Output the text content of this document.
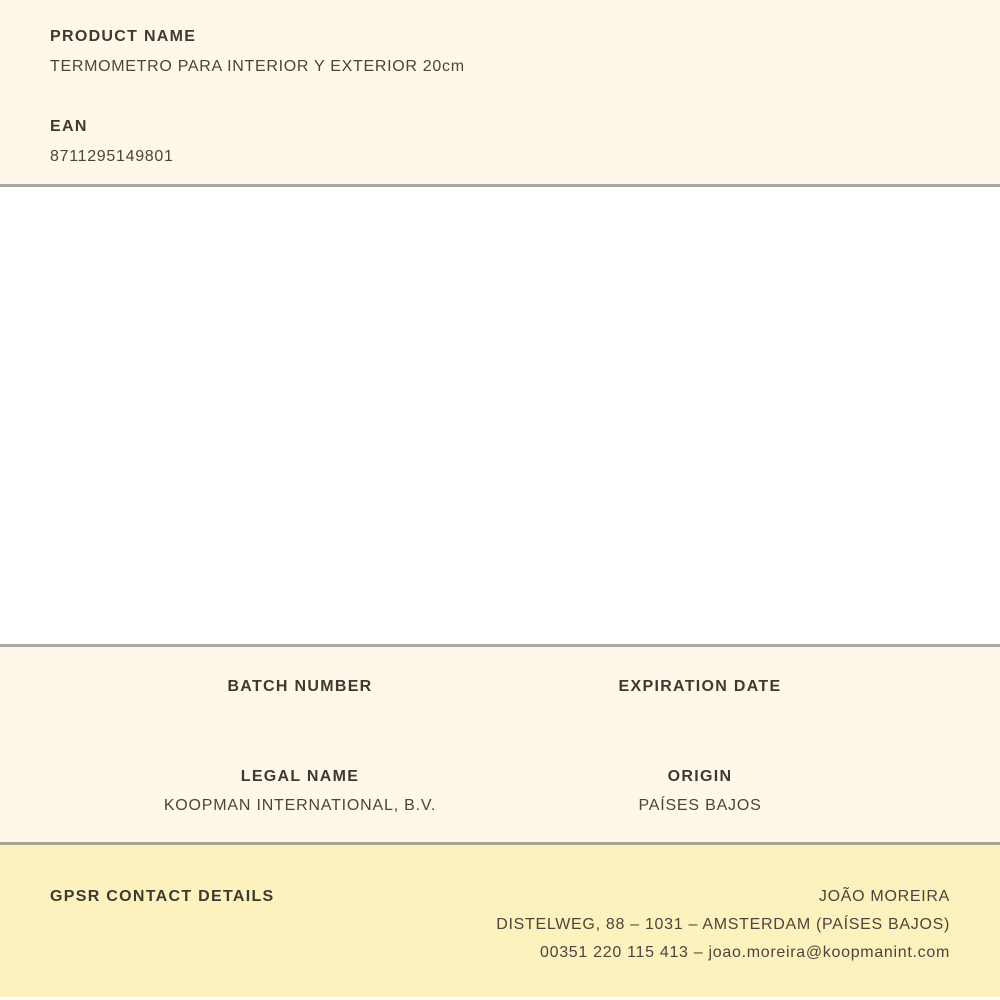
PRODUCT NAME
TERMOMETRO PARA INTERIOR Y EXTERIOR 20cm
EAN
8711295149801
BATCH NUMBER	EXPIRATION DATE
LEGAL NAME
KOOPMAN INTERNATIONAL, B.V.
ORIGIN
PAÍSES BAJOS
GPSR CONTACT DETAILS	JOÃO MOREIRA
DISTELWEG, 88 – 1031 – AMSTERDAM (PAÍSES BAJOS)
00351 220 115 413 – joao.moreira@koopmanint.com
